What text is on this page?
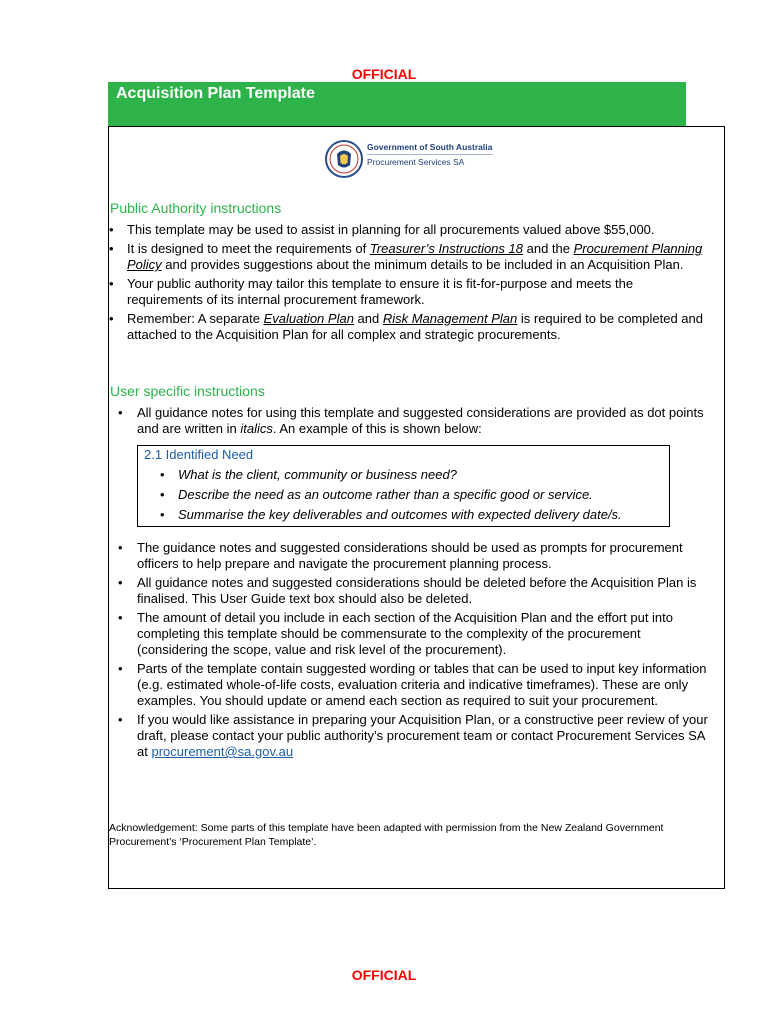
OFFICIAL
Acquisition Plan Template
Government of South Australia
Procurement Services SA
Public Authority instructions
• This template may be used to assist in planning for all procurements valued above $55,000.
• It is designed to meet the requirements of Treasurer’s Instructions 18 and the Procurement Planning Policy and provides suggestions about the minimum details to be included in an Acquisition Plan.
• Your public authority may tailor this template to ensure it is fit-for-purpose and meets the requirements of its internal procurement framework.
• Remember: A separate Evaluation Plan and Risk Management Plan is required to be completed and attached to the Acquisition Plan for all complex and strategic procurements.
User specific instructions
• All guidance notes for using this template and suggested considerations are provided as dot points and are written in italics. An example of this is shown below:
2.1 Identified Need
• What is the client, community or business need?
• Describe the need as an outcome rather than a specific good or service.
• Summarise the key deliverables and outcomes with expected delivery date/s.
• The guidance notes and suggested considerations should be used as prompts for procurement officers to help prepare and navigate the procurement planning process.
• All guidance notes and suggested considerations should be deleted before the Acquisition Plan is finalised. This User Guide text box should also be deleted.
• The amount of detail you include in each section of the Acquisition Plan and the effort put into completing this template should be commensurate to the complexity of the procurement (considering the scope, value and risk level of the procurement).
• Parts of the template contain suggested wording or tables that can be used to input key information (e.g. estimated whole-of-life costs, evaluation criteria and indicative timeframes). These are only examples. You should update or amend each section as required to suit your procurement.
• If you would like assistance in preparing your Acquisition Plan, or a constructive peer review of your draft, please contact your public authority’s procurement team or contact Procurement Services SA at procurement@sa.gov.au
Acknowledgement: Some parts of this template have been adapted with permission from the New Zealand Government Procurement’s ‘Procurement Plan Template’.
OFFICIAL
